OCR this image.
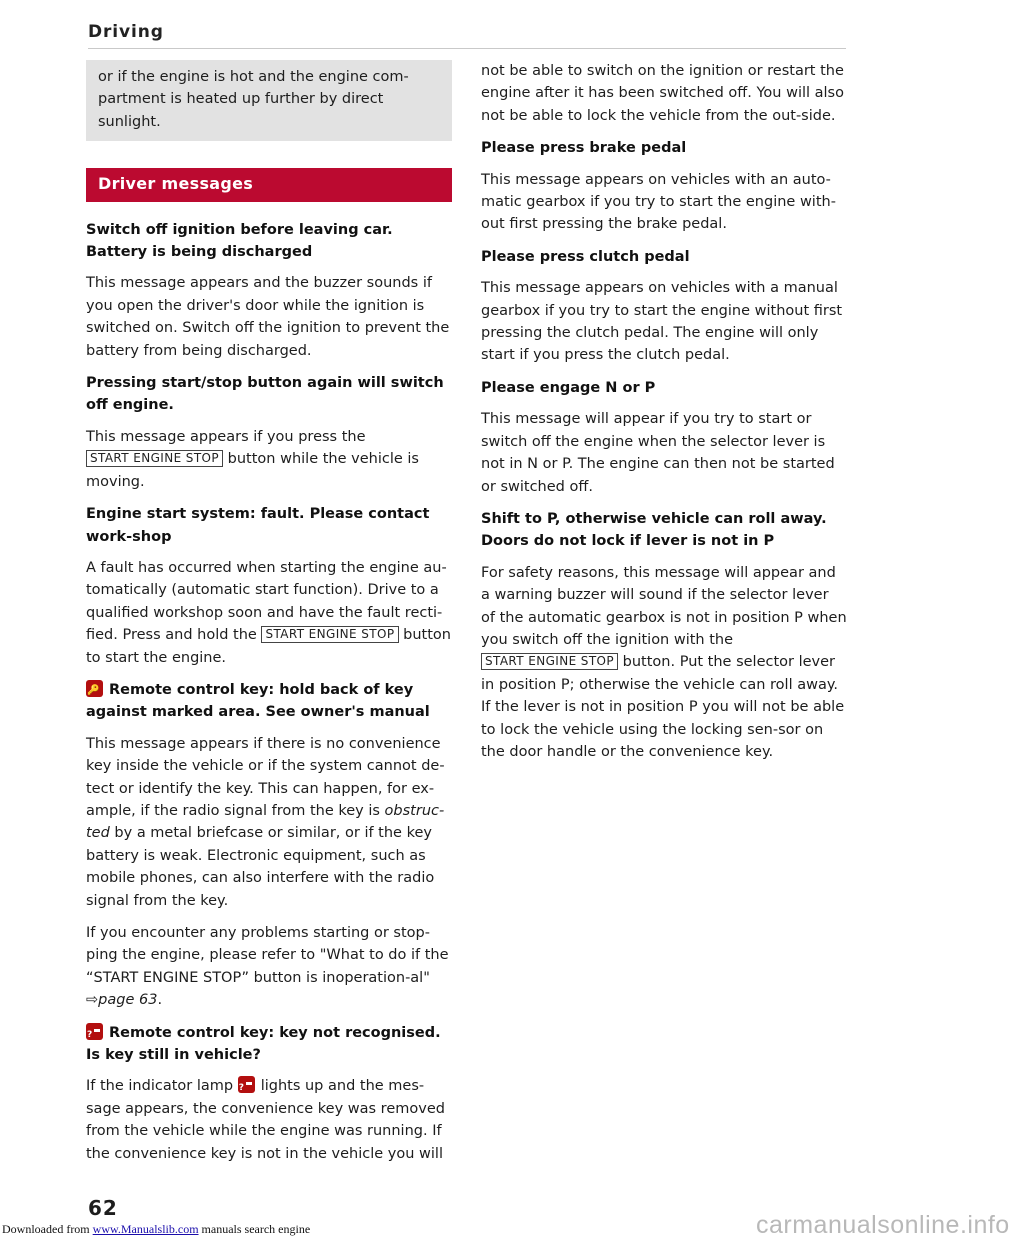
Driving

or if the engine is hot and the engine com-partment is heated up further by direct sunlight.

Driver messages
Switch off ignition before leaving car. Battery is being discharged

This message appears and the buzzer sounds if you open the driver's door while the ignition is switched on. Switch off the ignition to prevent the battery from being discharged.

Pressing start/stop button again will switch off engine.

This message appears if you press the START ENGINE STOP button while the vehicle is moving.

Engine start system: fault. Please contact work-shop

A fault has occurred when starting the engine au-tomatically (automatic start function). Drive to a qualified workshop soon and have the fault recti-fied. Press and hold the START ENGINE STOP button to start the engine.

🔑Remote control key: hold back of key against marked area. See owner's manual

This message appears if there is no convenience key inside the vehicle or if the system cannot de-tect or identify the key. This can happen, for ex-ample, if the radio signal from the key is obstruc-ted by a metal briefcase or similar, or if the key battery is weak. Electronic equipment, such as mobile phones, can also interfere with the radio signal from the key.

If you encounter any problems starting or stop-ping the engine, please refer to "What to do if the “START ENGINE STOP” button is inoperation-al" ⇨page 63.

?Remote control key: key not recognised. Is key still in vehicle?

If the indicator lamp ? lights up and the mes-sage appears, the convenience key was removed from the vehicle while the engine was running. If the convenience key is not in the vehicle you will

not be able to switch on the ignition or restart the engine after it has been switched off. You will also not be able to lock the vehicle from the out-side.

Please press brake pedal

This message appears on vehicles with an auto-matic gearbox if you try to start the engine with-out first pressing the brake pedal.

Please press clutch pedal

This message appears on vehicles with a manual gearbox if you try to start the engine without first pressing the clutch pedal. The engine will only start if you press the clutch pedal.

Please engage N or P

This message will appear if you try to start or switch off the engine when the selector lever is not in N or P. The engine can then not be started or switched off.

Shift to P, otherwise vehicle can roll away. Doors do not lock if lever is not in P

For safety reasons, this message will appear and a warning buzzer will sound if the selector lever of the automatic gearbox is not in position P when you switch off the ignition with the START ENGINE STOP button. Put the selector lever in position P; otherwise the vehicle can roll away. If the lever is not in position P you will not be able to lock the vehicle using the locking sen-sor on the door handle or the convenience key.

62
Downloaded from www.Manualslib.com manuals search engine	carmanualsonline.info
